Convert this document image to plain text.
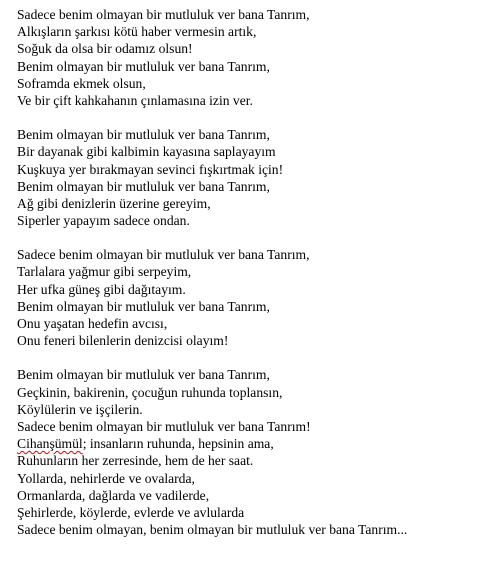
Sadece benim olmayan bir mutluluk ver bana Tanrım,
Alkışların şarkısı kötü haber vermesin artık,
Soğuk da olsa bir odamız olsun!
Benim olmayan bir mutluluk ver bana Tanrım,
Soframda ekmek olsun,
Ve bir çift kahkahanın çınlamasına izin ver.
Benim olmayan bir mutluluk ver bana Tanrım,
Bir dayanak gibi kalbimin kayasına saplayayım
Kuşkuya yer bırakmayan sevinci fışkırtmak için!
Benim olmayan bir mutluluk ver bana Tanrım,
Ağ gibi denizlerin üzerine gereyim,
Siperler yapayım sadece ondan.
Sadece benim olmayan bir mutluluk ver bana Tanrım,
Tarlalara yağmur gibi serpeyim,
Her ufka güneş gibi dağıtayım.
Benim olmayan bir mutluluk ver bana Tanrım,
Onu yaşatan hedefin avcısı,
Onu feneri bilenlerin denizcisi olayım!
Benim olmayan bir mutluluk ver bana Tanrım,
Geçkinin, bakirenin, çocuğun ruhunda toplansın,
Köylülerin ve işçilerin.
Sadece benim olmayan bir mutluluk ver bana Tanrım!
Cihanşümül; insanların ruhunda, hepsinin ama,
Ruhunların her zerresinde, hem de her saat.
Yollarda, nehirlerde ve ovalarda,
Ormanlarda, dağlarda ve vadilerde,
Şehirlerde, köylerde, evlerde ve avlularda
Sadece benim olmayan, benim olmayan bir mutluluk ver bana Tanrım...
